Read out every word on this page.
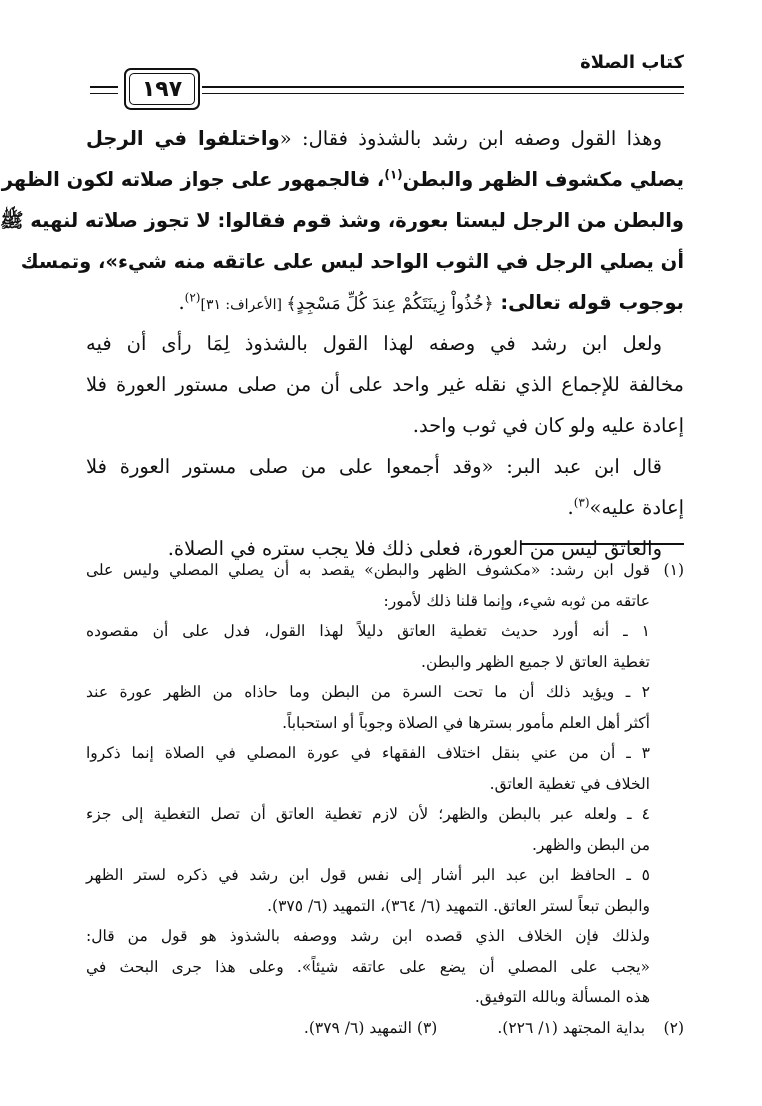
كتاب الصلاة
١٩٧
وهذا القول وصفه ابن رشد بالشذوذ فقال: «واختلفوا في الرجل
يصلي مكشوف الظهر والبطن$^{(١)}$، فالجمهور على جواز صلاته لكون الظهر
والبطن من الرجل ليستا بعورة، وشذ قوم فقالوا: لا تجوز صلاته لنهيه ﷺ
أن يصلي الرجل في الثوب الواحد ليس على عاتقه منه شيء»، وتمسك
بوجوب قوله تعالى: ﴿خُذُواْ زِينَتَكُمْ عِندَ كُلِّ مَسْجِدٍ﴾ [الأعراف: ٣١]$^{(٢)}$.
ولعل ابن رشد في وصفه لهذا القول بالشذوذ لِمَا رأى أن فيه
مخالفة للإجماع الذي نقله غير واحد على أن من صلى مستور العورة فلا
إعادة عليه ولو كان في ثوب واحد.
قال ابن عبد البر: «وقد أجمعوا على من صلى مستور العورة فلا
إعادة عليه»$^{(٣)}$.
والعاتق ليس من العورة، فعلى ذلك فلا يجب ستره في الصلاة.
(١)قول ابن رشد: «مكشوف الظهر والبطن» يقصد به أن يصلي المصلي وليس على
عاتقه من ثوبه شيء، وإنما قلنا ذلك لأمور:
١ ـ أنه أورد حديث تغطية العاتق دليلاً لهذا القول، فدل على أن مقصوده
تغطية العاتق لا جميع الظهر والبطن.
٢ ـ ويؤيد ذلك أن ما تحت السرة من البطن وما حاذاه من الظهر عورة عند
أكثر أهل العلم مأمور بسترها في الصلاة وجوباً أو استحباباً.
٣ ـ أن من عني بنقل اختلاف الفقهاء في عورة المصلي في الصلاة إنما ذكروا
الخلاف في تغطية العاتق.
٤ ـ ولعله عبر بالبطن والظهر؛ لأن لازم تغطية العاتق أن تصل التغطية إلى جزء
من البطن والظهر.
٥ ـ الحافظ ابن عبد البر أشار إلى نفس قول ابن رشد في ذكره لستر الظهر
والبطن تبعاً لستر العاتق. التمهيد (٦/ ٣٦٤)، التمهيد (٦/ ٣٧٥).
ولذلك فإن الخلاف الذي قصده ابن رشد ووصفه بالشذوذ هو قول من قال:
«يجب على المصلي أن يضع على عاتقه شيئاً». وعلى هذا جرى البحث في
هذه المسألة وبالله التوفيق.
(٢) بداية المجتهد (١/ ٢٢٦).
(٣) التمهيد (٦/ ٣٧٩).
